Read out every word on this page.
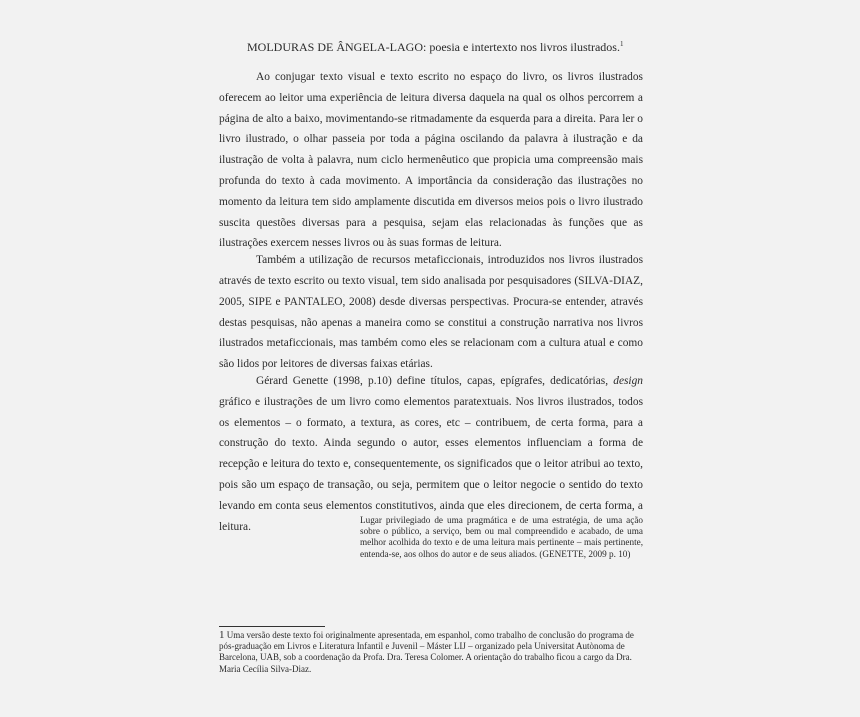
MOLDURAS DE ÂNGELA-LAGO: poesia e intertexto nos livros ilustrados.$^1$

Ao conjugar texto visual e texto escrito no espaço do livro, os livros ilustrados oferecem ao leitor uma experiência de leitura diversa daquela na qual os olhos percorrem a página de alto a baixo, movimentando-se ritmadamente da esquerda para a direita. Para ler o livro ilustrado, o olhar passeia por toda a página oscilando da palavra à ilustração e da ilustração de volta à palavra, num ciclo hermenêutico que propicia uma compreensão mais profunda do texto à cada movimento. A importância da consideração das ilustrações no momento da leitura tem sido amplamente discutida em diversos meios pois o livro ilustrado suscita questões diversas para a pesquisa, sejam elas relacionadas às funções que as ilustrações exercem nesses livros ou às suas formas de leitura.

Também a utilização de recursos metaficcionais, introduzidos nos livros ilustrados através de texto escrito ou texto visual, tem sido analisada por pesquisadores (SILVA-DIAZ, 2005, SIPE e PANTALEO, 2008) desde diversas perspectivas. Procura-se entender, através destas pesquisas, não apenas a maneira como se constitui a construção narrativa nos livros ilustrados metaficcionais, mas também como eles se relacionam com a cultura atual e como são lidos por leitores de diversas faixas etárias.

Gérard Genette (1998, p.10) define títulos, capas, epígrafes, dedicatórias, design gráfico e ilustrações de um livro como elementos paratextuais. Nos livros ilustrados, todos os elementos – o formato, a textura, as cores, etc – contribuem, de certa forma, para a construção do texto. Ainda segundo o autor, esses elementos influenciam a forma de recepção e leitura do texto e, consequentemente, os significados que o leitor atribui ao texto, pois são um espaço de transação, ou seja, permitem que o leitor negocie o sentido do texto levando em conta seus elementos constitutivos, ainda que eles direcionem, de certa forma, a leitura.

Lugar privilegiado de uma pragmática e de uma estratégia, de uma ação sobre o público, a serviço, bem ou mal compreendido e acabado, de uma melhor acolhida do texto e de uma leitura mais pertinente – mais pertinente, entenda-se, aos olhos do autor e de seus aliados. (GENETTE, 2009 p. 10)
1 Uma versão deste texto foi originalmente apresentada, em espanhol, como trabalho de conclusão do programa de pós-graduação em Livros e Literatura Infantil e Juvenil – Máster LIJ – organizado pela Universitat Autònoma de Barcelona, UAB, sob a coordenação da Profa. Dra. Teresa Colomer. A orientação do trabalho ficou a cargo da Dra. Maria Cecília Silva-Diaz.
